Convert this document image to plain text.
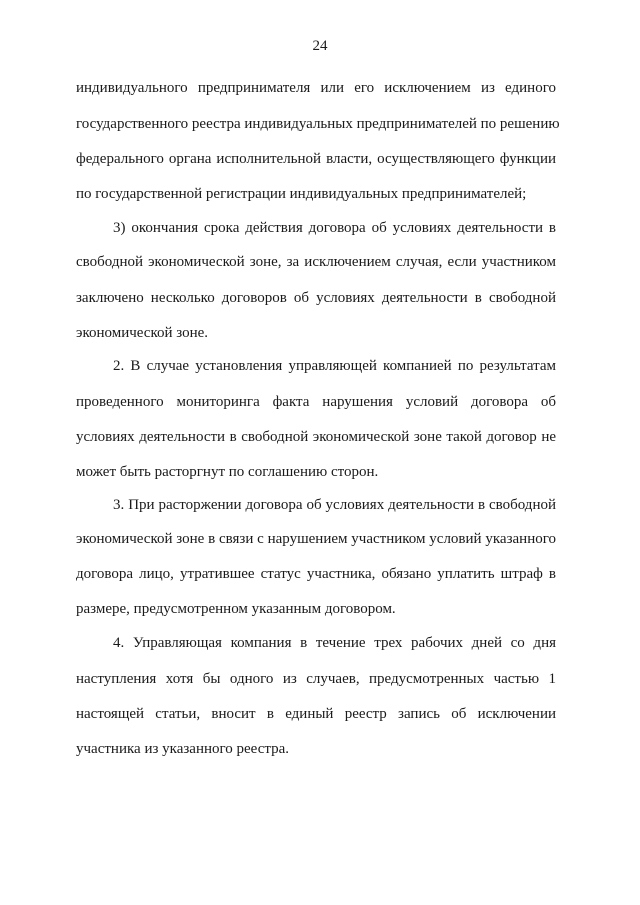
24
индивидуального предпринимателя или его исключением из единого
государственного реестра индивидуальных предпринимателей по решению
федерального органа исполнительной власти, осуществляющего функции
по государственной регистрации индивидуальных предпринимателей;
3) окончания срока действия договора об условиях деятельности в
свободной экономической зоне, за исключением случая, если участником
заключено несколько договоров об условиях деятельности в свободной
экономической зоне.
2. В случае установления управляющей компанией по результатам
проведенного мониторинга факта нарушения условий договора об
условиях деятельности в свободной экономической зоне такой договор не
может быть расторгнут по соглашению сторон.
3. При расторжении договора об условиях деятельности в свободной
экономической зоне в связи с нарушением участником условий указанного
договора лицо, утратившее статус участника, обязано уплатить штраф в
размере, предусмотренном указанным договором.
4. Управляющая компания в течение трех рабочих дней со дня
наступления хотя бы одного из случаев, предусмотренных частью 1
настоящей статьи, вносит в единый реестр запись об исключении
участника из указанного реестра.
